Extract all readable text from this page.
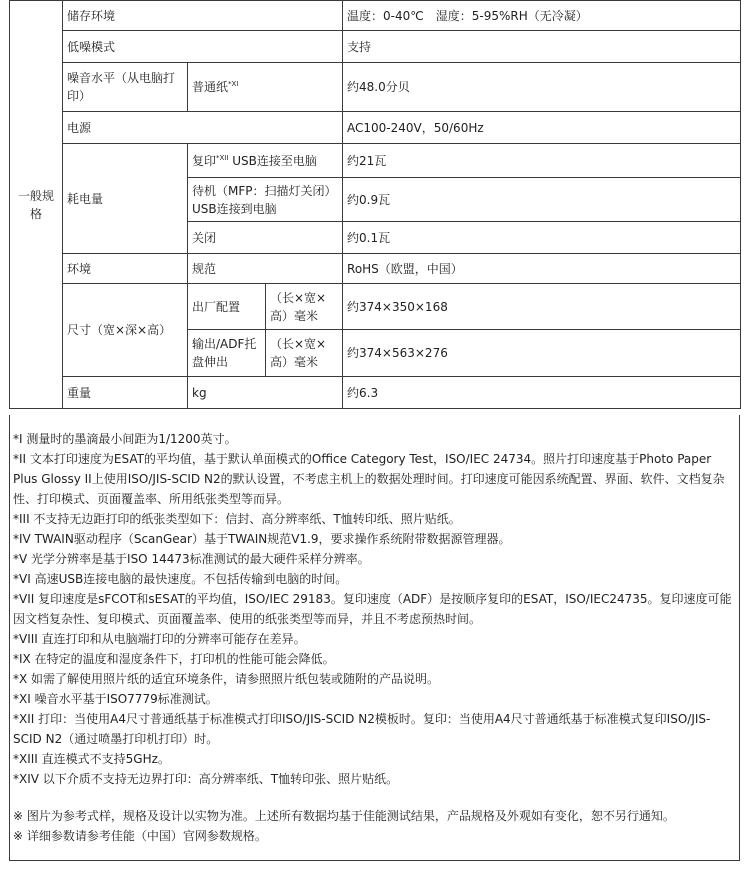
一般规格	储存环境			温度：0-40℃　湿度：5-95%RH（无冷凝）
	低噪模式			支持
	噪音水平（从电脑打印）	普通纸$^{*XI}$		约48.0分贝
	电源			AC100-240V，50/60Hz
	耗电量	复印$^{*XII}$ USB连接至电脑		约21瓦
		待机（MFP：扫描灯关闭）USB连接到电脑		约0.9瓦
		关闭		约0.1瓦
	环境	规范		RoHS（欧盟，中国）
	尺寸（宽×深×高）	出厂配置	（长×宽×高）毫米	约374×350×168
		输出/ADF托盘伸出	（长×宽×高）毫米	约374×563×276
	重量	kg		约6.3
*I 测量时的墨滴最小间距为1/1200英寸。
*II 文本打印速度为ESAT的平均值，基于默认单面模式的Office Category Test，ISO/IEC 24734。照片打印速度基于Photo Paper Plus Glossy II上使用ISO/JIS-SCID N2的默认设置，不考虑主机上的数据处理时间。打印速度可能因系统配置、界面、软件、文档复杂性、打印模式、页面覆盖率、所用纸张类型等而异。
*III 不支持无边距打印的纸张类型如下：信封、高分辨率纸、T恤转印纸、照片贴纸。
*IV TWAIN驱动程序（ScanGear）基于TWAIN规范V1.9，要求操作系统附带数据源管理器。
*V 光学分辨率是基于ISO 14473标准测试的最大硬件采样分辨率。
*VI 高速USB连接电脑的最快速度。不包括传输到电脑的时间。
*VII 复印速度是sFCOT和sESAT的平均值，ISO/IEC 29183。复印速度（ADF）是按顺序复印的ESAT，ISO/IEC24735。复印速度可能因文档复杂性、复印模式、页面覆盖率、使用的纸张类型等而异，并且不考虑预热时间。
*VIII 直连打印和从电脑端打印的分辨率可能存在差异。
*IX 在特定的温度和湿度条件下，打印机的性能可能会降低。
*X 如需了解使用照片纸的适宜环境条件，请参照照片纸包装或随附的产品说明。
*XI 噪音水平基于ISO7779标准测试。
*XII 打印：当使用A4尺寸普通纸基于标准模式打印ISO/JIS-SCID N2模板时。复印：当使用A4尺寸普通纸基于标准模式复印ISO/JIS-SCID N2（通过喷墨打印机打印）时。
*XIII 直连模式不支持5GHz。
*XIV 以下介质不支持无边界打印：高分辨率纸、T恤转印张、照片贴纸。
※ 图片为参考式样，规格及设计以实物为准。上述所有数据均基于佳能测试结果，产品规格及外观如有变化，恕不另行通知。
※ 详细参数请参考佳能（中国）官网参数规格。
